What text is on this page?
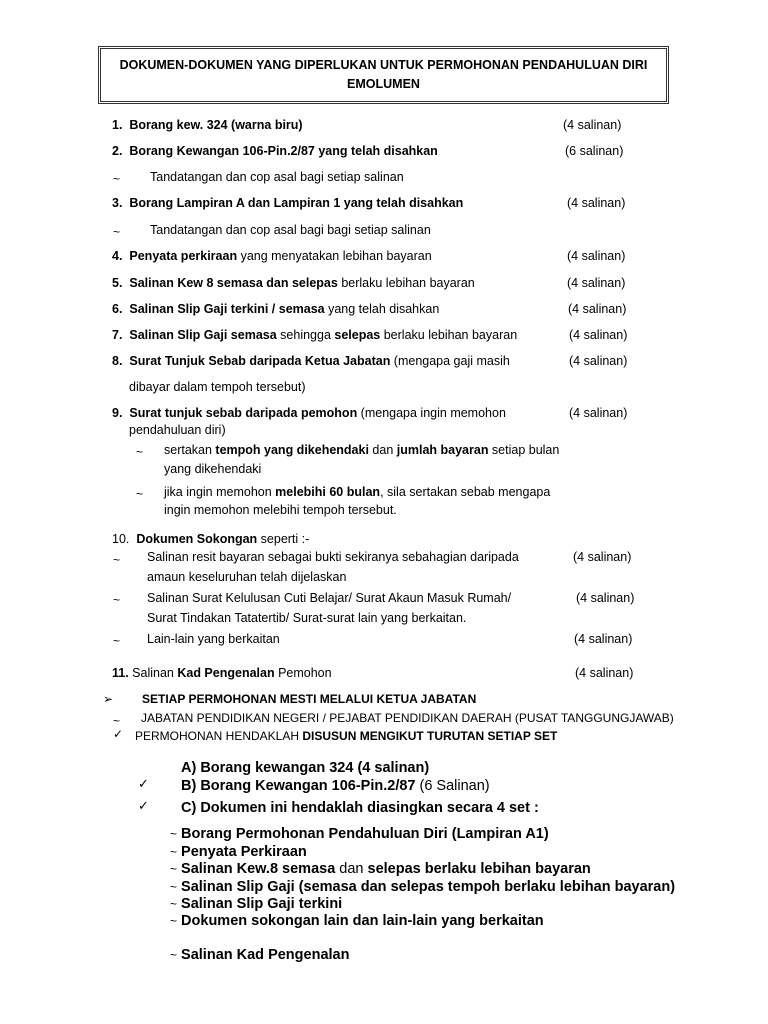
DOKUMEN-DOKUMEN YANG DIPERLUKAN UNTUK PERMOHONAN PENDAHULUAN DIRI
EMOLUMEN
1. Borang kew. 324 (warna biru)	(4 salinan)
2. Borang Kewangan 106-Pin.2/87 yang telah disahkan	(6 salinan)
~ Tandatangan dan cop asal bagi setiap salinan
3. Borang Lampiran A dan Lampiran 1 yang telah disahkan	(4 salinan)
~ Tandatangan dan cop asal bagi bagi setiap salinan
4. Penyata perkiraan yang menyatakan lebihan bayaran	(4 salinan)
5. Salinan Kew 8 semasa dan selepas berlaku lebihan bayaran	(4 salinan)
6. Salinan Slip Gaji terkini / semasa yang telah disahkan	(4 salinan)
7. Salinan Slip Gaji semasa sehingga selepas berlaku lebihan bayaran	(4 salinan)
8. Surat Tunjuk Sebab daripada Ketua Jabatan (mengapa gaji masih	(4 salinan)
dibayar dalam tempoh tersebut)
9. Surat tunjuk sebab daripada pemohon (mengapa ingin memohon	(4 salinan)
pendahuluan diri)
~ sertakan tempoh yang dikehendaki dan jumlah bayaran setiap bulan
yang dikehendaki
~ jika ingin memohon melebihi 60 bulan, sila sertakan sebab mengapa
ingin memohon melebihi tempoh tersebut.
10. Dokumen Sokongan seperti :-
~ Salinan resit bayaran sebagai bukti sekiranya sebahagian daripada	(4 salinan)
amaun keseluruhan telah dijelaskan
~ Salinan Surat Kelulusan Cuti Belajar/ Surat Akaun Masuk Rumah/	(4 salinan)
Surat Tindakan Tatatertib/ Surat-surat lain yang berkaitan.
~ Lain-lain yang berkaitan	(4 salinan)
11. Salinan Kad Pengenalan Pemohon	(4 salinan)
➢ SETIAP PERMOHONAN MESTI MELALUI KETUA JABATAN
~ JABATAN PENDIDIKAN NEGERI / PEJABAT PENDIDIKAN DAERAH (PUSAT TANGGUNGJAWAB)
✓ PERMOHONAN HENDAKLAH DISUSUN MENGIKUT TURUTAN SETIAP SET
A) Borang kewangan 324 (4 salinan)
✓ B) Borang Kewangan 106-Pin.2/87 (6 Salinan)
✓ C) Dokumen ini hendaklah diasingkan secara 4 set :
~ Borang Permohonan Pendahuluan Diri (Lampiran A1)
~ Penyata Perkiraan
~ Salinan Kew.8 semasa dan selepas berlaku lebihan bayaran
~ Salinan Slip Gaji (semasa dan selepas tempoh berlaku lebihan bayaran)
~ Salinan Slip Gaji terkini
~ Dokumen sokongan lain dan lain-lain yang berkaitan
~ Salinan Kad Pengenalan
